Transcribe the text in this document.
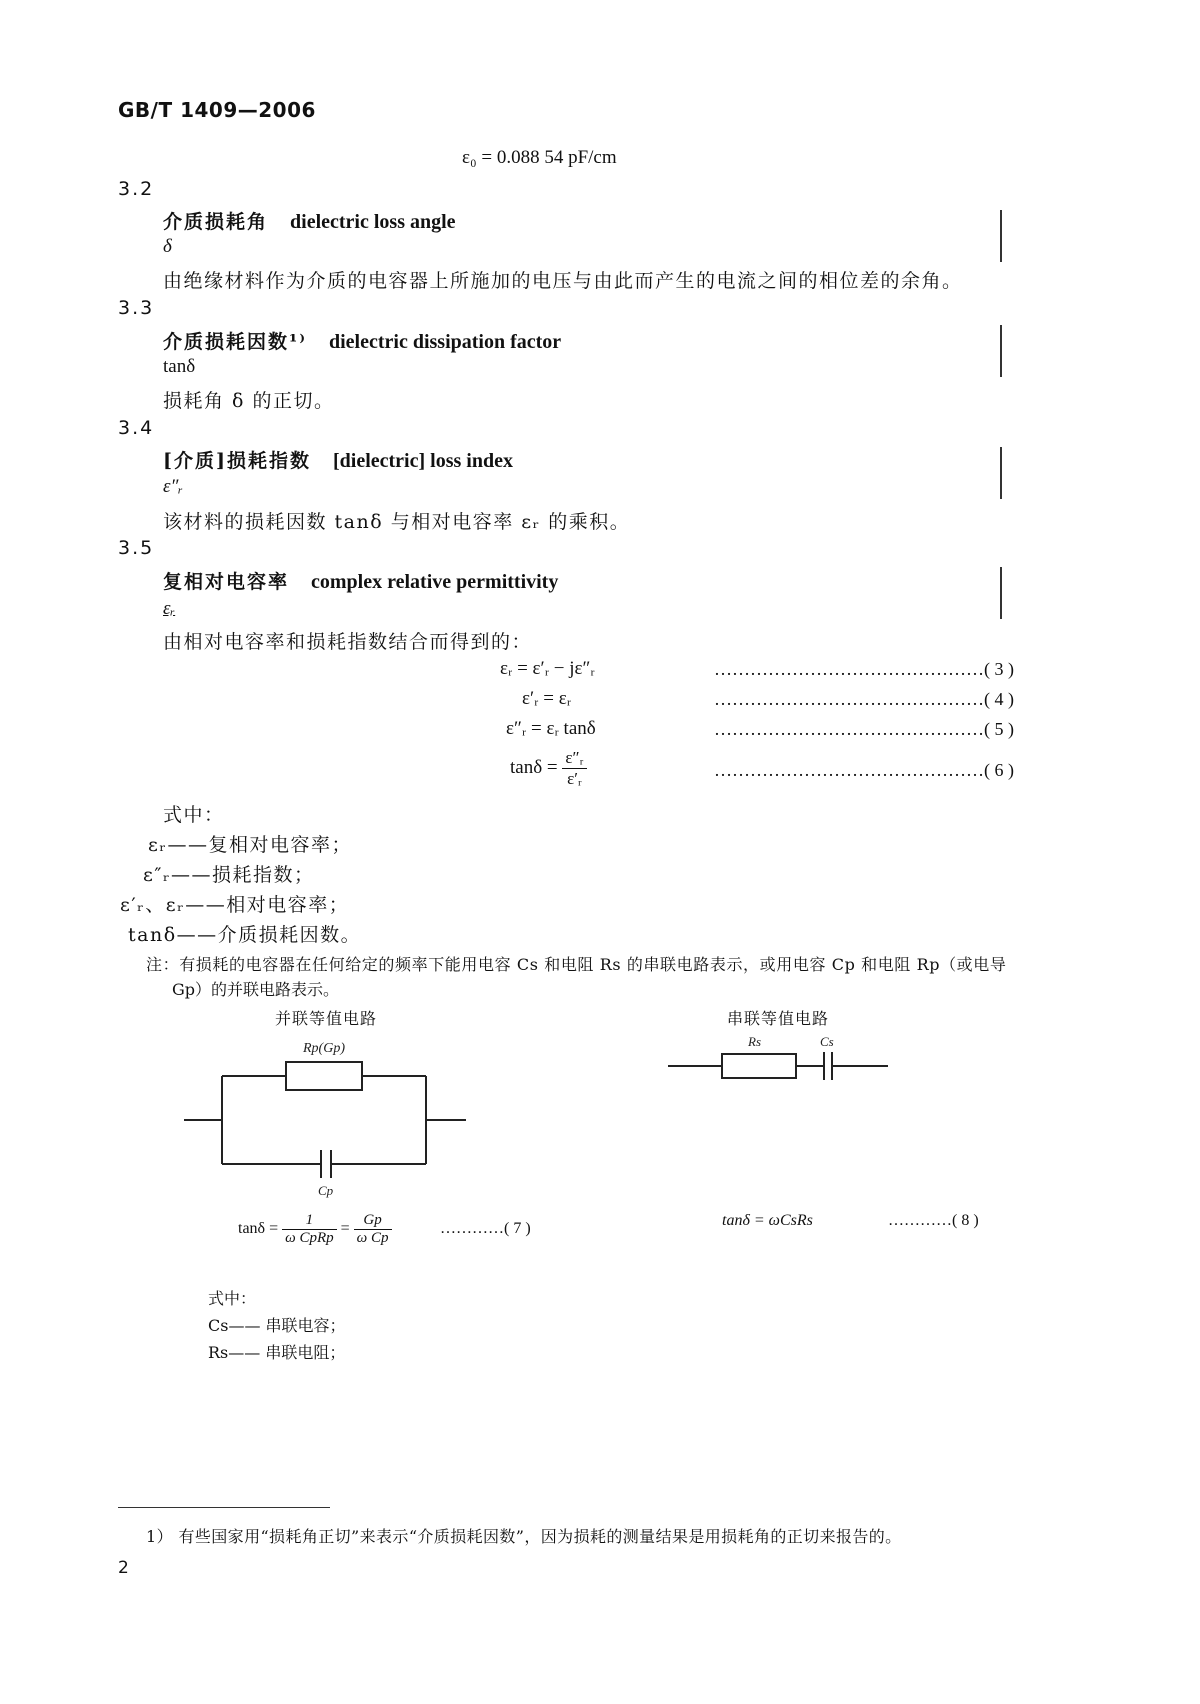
GB/T 1409—2006
ε₀ = 0.088 54 pF/cm
3.2
介质损耗角 dielectric loss angle
δ
由绝缘材料作为介质的电容器上所施加的电压与由此而产生的电流之间的相位差的余角。
3.3
介质损耗因数¹⁾ dielectric dissipation factor
tanδ
损耗角 δ 的正切。
3.4
[介质]损耗指数 [dielectric] loss index
ε″ᵣ
该材料的损耗因数 tanδ 与相对电容率 εᵣ 的乘积。
3.5
复相对电容率 complex relative permittivity
εᵣ
由相对电容率和损耗指数结合而得到的：
εᵣ = ε′ᵣ − jε″ᵣ	………………………………………( 3 )
ε′ᵣ = εᵣ	………………………………………( 4 )
ε″ᵣ = εᵣ tanδ	………………………………………( 5 )
$\tan\delta = \frac{\text{ε″ᵣ}}{\text{ε′ᵣ}}$	………………………………………( 6 )
式中：
εᵣ——复相对电容率；
ε″ᵣ——损耗指数；
ε′ᵣ、εᵣ——相对电容率；
tanδ——介质损耗因数。
注：有损耗的电容器在任何给定的频率下能用电容 Cs 和电阻 Rs 的串联电路表示，或用电容 Cp 和电阻 Rp（或电导
Gp）的并联电路表示。
并联等值电路	串联等值电路
Rp(Gp)
Cp
Rs	Cs
$\tan\delta = \frac{1}{\text{ω CpRp}} = \frac{Gp}{\text{ω Cp}}$	…………( 7 )	tanδ = ωCsRs	…………( 8 )
式中：
Cs—— 串联电容；
Rs—— 串联电阻；
1） 有些国家用“损耗角正切”来表示“介质损耗因数”，因为损耗的测量结果是用损耗角的正切来报告的。
2
